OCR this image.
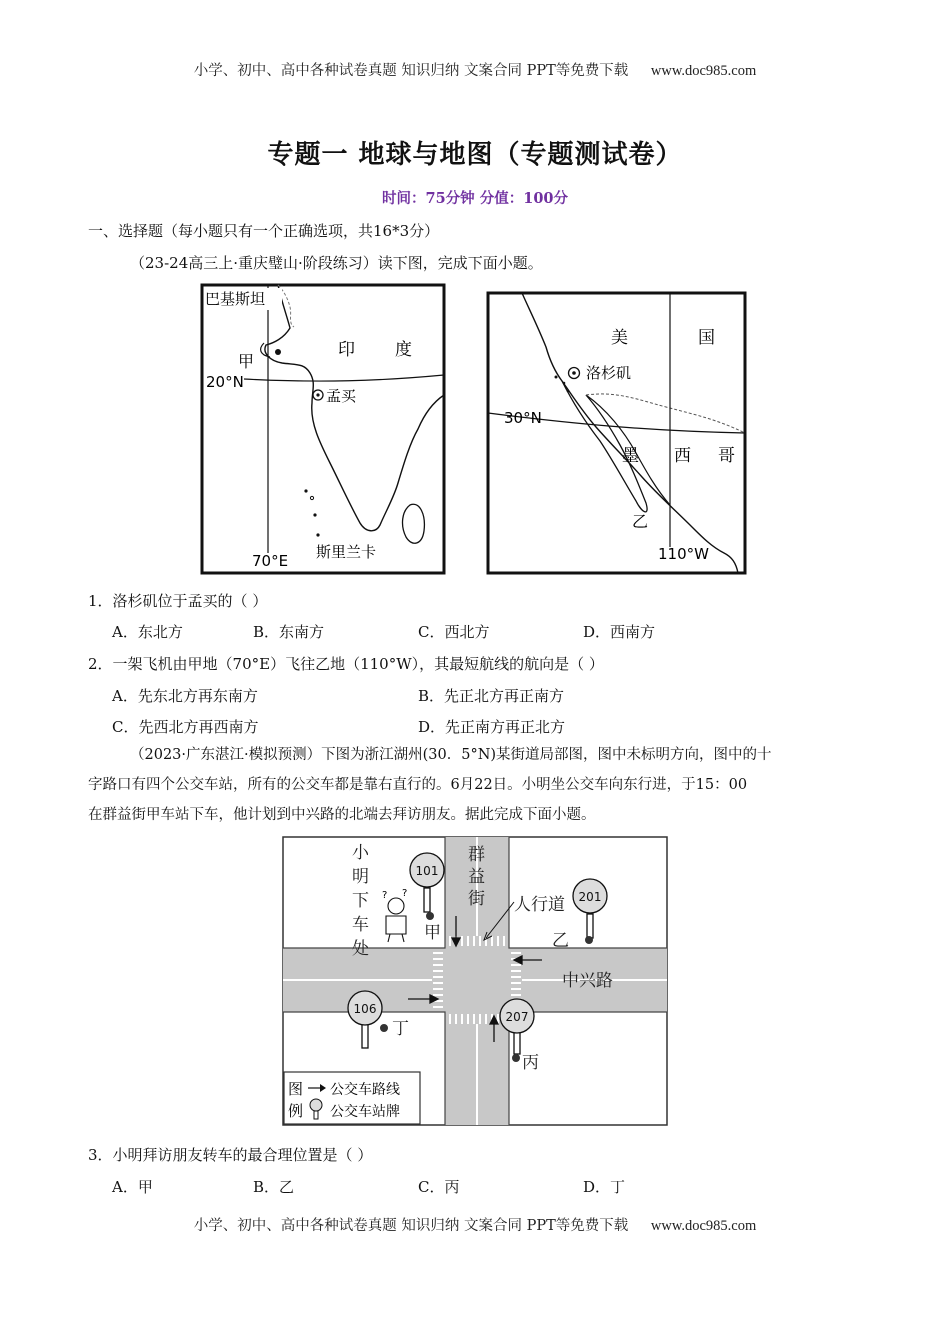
小学、初中、高中各种试卷真题 知识归纳 文案合同 PPT等免费下载 www.doc985.com
专题一 地球与地图（专题测试卷）
时间：75分钟 分值：100分
一、选择题（每小题只有一个正确选项，共16*3分）
（23-24高三上·重庆璧山·阶段练习）读下图，完成下面小题。
巴基斯坦
印 度
甲
20°N
孟买
70°E 斯里兰卡
美	国
洛杉矶
30°N
墨 西 哥
乙
110°W
1．洛杉矶位于孟买的（ ）
A．东北方	B．东南方	C．西北方	D．西南方
2．一架飞机由甲地（70°E）飞往乙地（110°W），其最短航线的航向是（ ）
A．先东北方再东南方	B．先正北方再正南方
C．先西北方再西南方	D．先正南方再正北方
（2023·广东湛江·模拟预测）下图为浙江湖州(30．5°N)某街道局部图，图中未标明方向，图中的十
字路口有四个公交车站，所有的公交车都是靠右直行的。6月22日。小明坐公交车向东行进，于15：00
在群益街甲车站下车，他计划到中兴路的北端去拜访朋友。据此完成下面小题。
? ?
小
明
下
车
处
群
益
街 人行道
中兴路
甲	乙
丙
丁
101
201
106
207
图
例
公交车路线
公交车站牌
3．小明拜访朋友转车的最合理位置是（ ）
A．甲	B．乙	C．丙	D．丁
小学、初中、高中各种试卷真题 知识归纳 文案合同 PPT等免费下载 www.doc985.com
